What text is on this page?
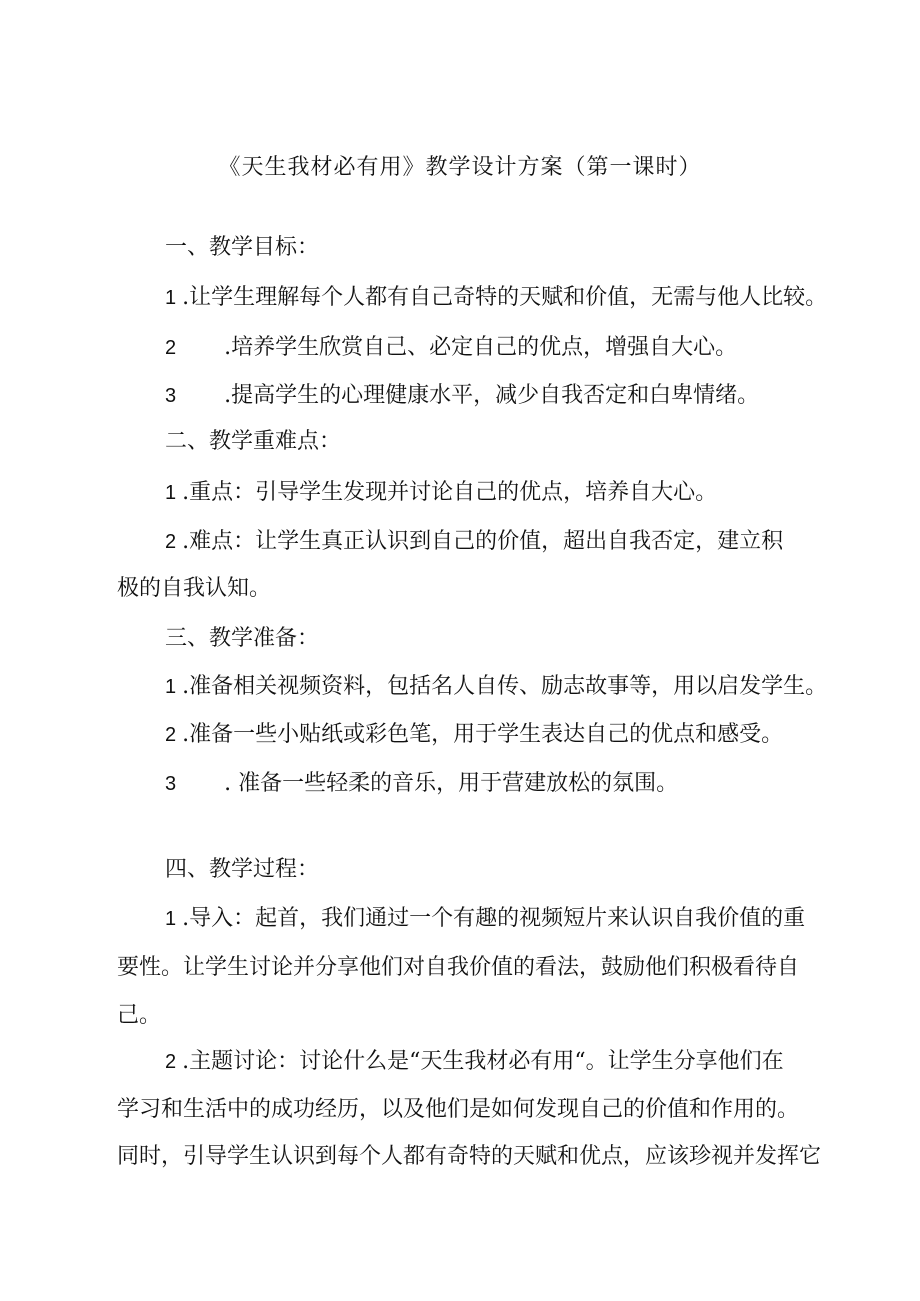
《天生我材必有用》教学设计方案（第一课时）
一、教学目标：
1 .让学生理解每个人都有自己奇特的天赋和价值，无需与他人比较。
2 .培养学生欣赏自己、必定自己的优点，增强自大心。
3 .提高学生的心理健康水平，减少自我否定和白卑情绪。
二、教学重难点：
1 .重点：引导学生发现并讨论自己的优点，培养自大心。
2 .难点：让学生真正认识到自己的价值，超出自我否定，建立积
极的自我认知。
三、教学准备：
1 .准备相关视频资料，包括名人自传、励志故事等，用以启发学生。
2 .准备一些小贴纸或彩色笔，用于学生表达自己的优点和感受。
3 . 准备一些轻柔的音乐，用于营建放松的氛围。
四、教学过程：
1 .导入：起首，我们通过一个有趣的视频短片来认识自我价值的重
要性。让学生讨论并分享他们对自我价值的看法，鼓励他们积极看待自
己。
2 .主题讨论：讨论什么是“天生我材必有用“。让学生分享他们在
学习和生活中的成功经历，以及他们是如何发现自己的价值和作用的。
同时，引导学生认识到每个人都有奇特的天赋和优点，应该珍视并发挥它
